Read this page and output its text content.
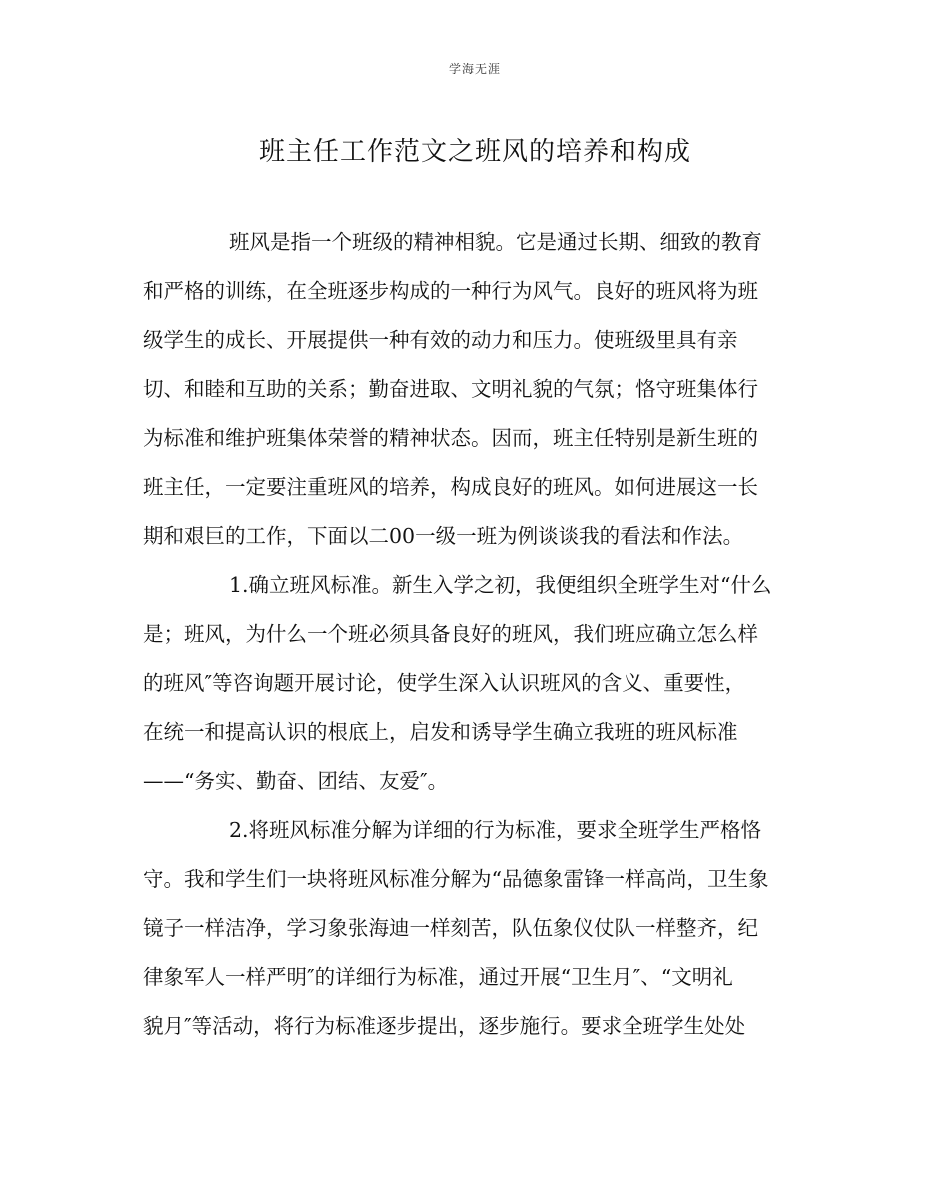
学海无涯
班主任工作范文之班风的培养和构成
班风是指一个班级的精神相貌。它是通过长期、细致的教育
和严格的训练，在全班逐步构成的一种行为风气。良好的班风将为班
级学生的成长、开展提供一种有效的动力和压力。使班级里具有亲
切、和睦和互助的关系；勤奋进取、文明礼貌的气氛；恪守班集体行
为标准和维护班集体荣誉的精神状态。因而，班主任特别是新生班的
班主任，一定要注重班风的培养，构成良好的班风。如何进展这一长
期和艰巨的工作，下面以二00一级一班为例谈谈我的看法和作法。
1.确立班风标准。新生入学之初，我便组织全班学生对“什么
是；班风，为什么一个班必须具备良好的班风，我们班应确立怎么样
的班风″等咨询题开展讨论，使学生深入认识班风的含义、重要性，
在统一和提高认识的根底上，启发和诱导学生确立我班的班风标准
——“务实、勤奋、团结、友爱″。
2.将班风标准分解为详细的行为标准，要求全班学生严格恪
守。我和学生们一块将班风标准分解为“品德象雷锋一样高尚，卫生象
镜子一样洁净，学习象张海迪一样刻苦，队伍象仪仗队一样整齐，纪
律象军人一样严明″的详细行为标准，通过开展“卫生月″、“文明礼
貌月″等活动，将行为标准逐步提出，逐步施行。要求全班学生处处
